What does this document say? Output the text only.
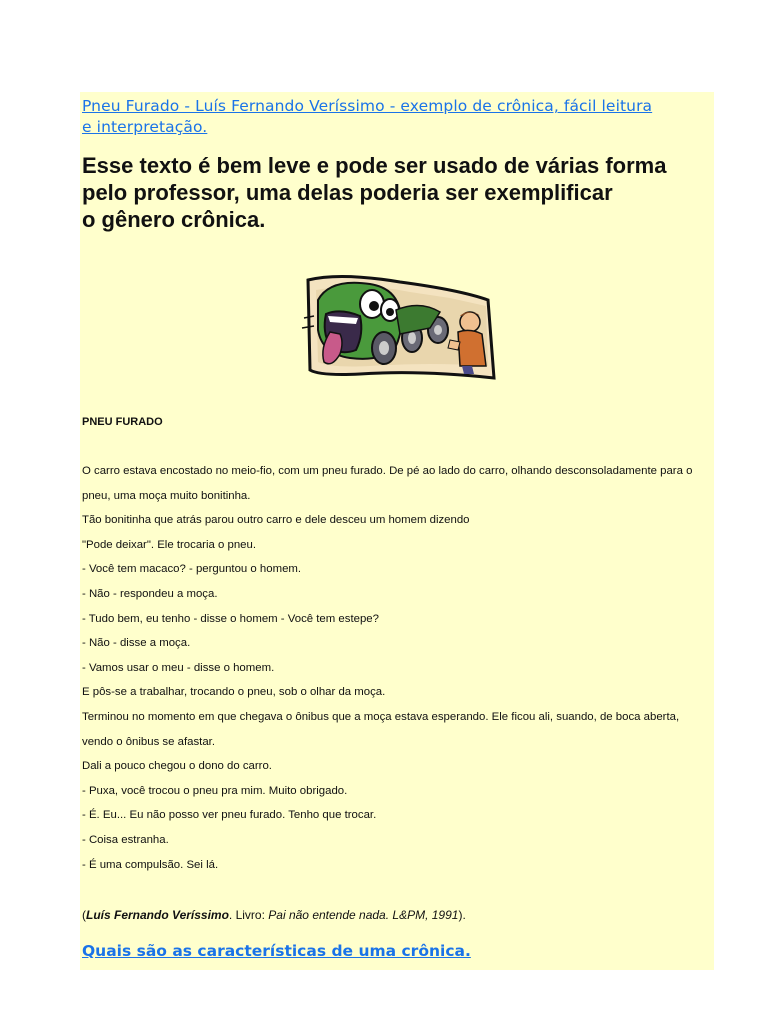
Pneu Furado - Luís Fernando Veríssimo - exemplo de crônica, fácil leitura
e interpretação.
Esse texto é bem leve e pode ser usado de várias forma
pelo professor, uma delas poderia ser exemplificar
o gênero crônica.
PNEU FURADO
O carro estava encostado no meio-fio, com um pneu furado. De pé ao lado do carro, olhando desconsoladamente para o
pneu, uma moça muito bonitinha.
Tão bonitinha que atrás parou outro carro e dele desceu um homem dizendo
"Pode deixar". Ele trocaria o pneu.
- Você tem macaco? - perguntou o homem.
- Não - respondeu a moça.
- Tudo bem, eu tenho - disse o homem - Você tem estepe?
- Não - disse a moça.
- Vamos usar o meu - disse o homem.
E pôs-se a trabalhar, trocando o pneu, sob o olhar da moça.
Terminou no momento em que chegava o ônibus que a moça estava esperando. Ele ficou ali, suando, de boca aberta,
vendo o ônibus se afastar.
Dali a pouco chegou o dono do carro.
- Puxa, você trocou o pneu pra mim. Muito obrigado.
- É. Eu... Eu não posso ver pneu furado. Tenho que trocar.
- Coisa estranha.
- É uma compulsão. Sei lá.
(Luís Fernando Veríssimo. Livro: Pai não entende nada. L&PM, 1991).
Quais são as características de uma crônica.
